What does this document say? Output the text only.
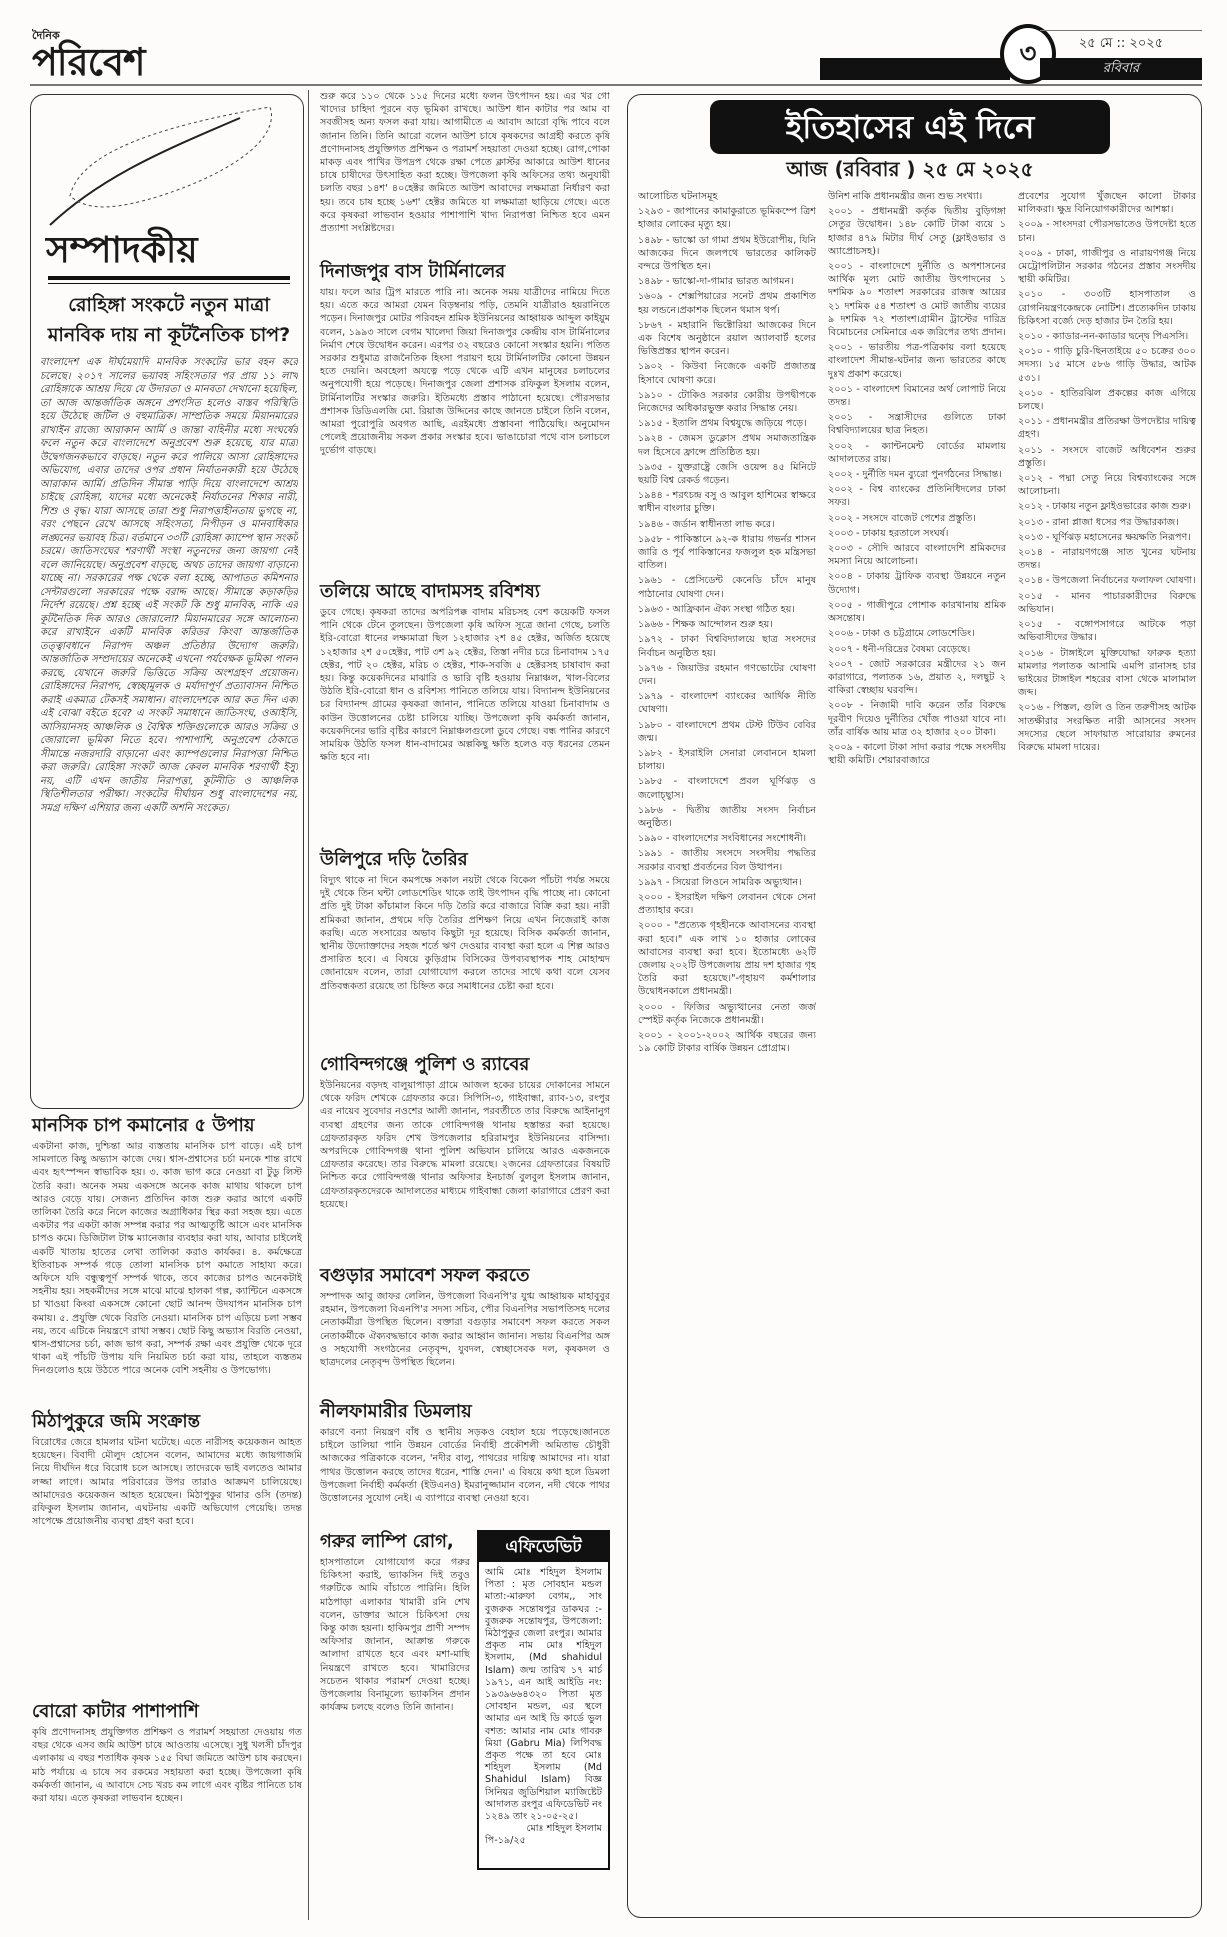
দৈনিক
পরিবেশ	৩	২৫ মে :: ২০২৫
রবিবার
সম্পাদকীয়
রোহিঙ্গা সংকটে নতুন মাত্রা
মানবিক দায় না কূটনৈতিক চাপ?
বাংলাদেশ এক দীর্ঘমেয়াদি মানবিক সংকটের ভার বহন করে চলেছে। ২০১৭ সালের ভয়াবহ সহিংসতার পর প্রায় ১১ লাখ রোহিঙ্গাকে আশ্রয় দিয়ে যে উদারতা ও মানবতা দেখানো হয়েছিল, তা আজ আন্তর্জাতিক অঙ্গনে প্রশংসিত হলেও বাস্তব পরিস্থিতি হয়ে উঠেছে জটিল ও বহুমাত্রিক। সাম্প্রতিক সময়ে মিয়ানমারের রাখাইন রাজ্যে আরাকান আর্মি ও জান্তা বাহিনীর মধ্যে সংঘর্ষের ফলে নতুন করে বাংলাদেশে অনুপ্রবেশ শুরু হয়েছে, যার মাত্রা উদ্বেগজনকভাবে বাড়ছে। নতুন করে পালিয়ে আসা রোহিঙ্গাদের অভিযোগ, এবার তাদের ওপর প্রধান নির্যাতনকারী হয়ে উঠেছে আরাকান আর্মি। প্রতিদিন সীমান্ত পাড়ি দিয়ে বাংলাদেশে আশ্রয় চাইছে রোহিঙ্গা, যাদের মধ্যে অনেকেই নির্যাতনের শিকার নারী, শিশু ও বৃদ্ধ। যারা আসছে তারা শুধু নিরাপত্তাহীনতায় ভুগছে না, বরং পেছনে রেখে আসছে সহিংসতা, নিপীড়ন ও মানবাধিকার লঙ্ঘনের ভয়াবহ চিত্র। বর্তমানে ৩৩টি রোহিঙ্গা ক্যাম্পে স্থান সংকট চরমে। জাতিসংঘের শরণার্থী সংস্থা নতুনদের জন্য জায়গা নেই বলে জানিয়েছে। অনুপ্রবেশ বাড়ছে, অথচ তাদের জায়গা বাড়ানো যাচ্ছে না। সরকারের পক্ষ থেকে বলা হচ্ছে, আপাতত কমিশনার সেন্টারগুলো সরকারের পক্ষে বরাদ্দ আছে। সীমান্তে কড়াকড়ির নির্দেশ রয়েছে। প্রশ্ন হচ্ছে এই সংকট কি শুধু মানবিক, নাকি এর কূটনৈতিক দিক আরও জোরালো? মিয়ানমারের সঙ্গে আলোচনা করে রাখাইনে একটি মানবিক করিডর কিংবা আন্তর্জাতিক তত্ত্বাবধানে নিরাপদ অঞ্চল প্রতিষ্ঠার উদ্যোগ জরুরি। আন্তর্জাতিক সম্প্রদায়ের অনেকেই এখনো পর্যবেক্ষক ভূমিকা পালন করছে, যেখানে জরুরি ভিত্তিতে সক্রিয় অংশগ্রহণ প্রয়োজন। রোহিঙ্গাদের নিরাপদ, স্বেচ্ছামূলক ও মর্যাদাপূর্ণ প্রত্যাবাসন নিশ্চিত করাই একমাত্র টেকসই সমাধান। বাংলাদেশকে আর কত দিন একা এই বোঝা বইতে হবে? এ সংকট সমাধানে জাতিসংঘ, ওআইসি, আসিয়ানসহ আঞ্চলিক ও বৈশ্বিক শক্তিগুলোকে আরও সক্রিয় ও জোরালো ভূমিকা নিতে হবে। পাশাপাশি, অনুপ্রবেশ ঠেকাতে সীমান্তে নজরদারি বাড়ানো এবং ক্যাম্পগুলোর নিরাপত্তা নিশ্চিত করা জরুরি। রোহিঙ্গা সংকট আজ কেবল মানবিক শরণার্থী ইস্যু নয়, এটি এখন জাতীয় নিরাপত্তা, কূটনীতি ও আঞ্চলিক স্থিতিশীলতার পরীক্ষা। সংকটের দীর্ঘায়ন শুধু বাংলাদেশের নয়, সমগ্র দক্ষিণ এশিয়ার জন্য একটি অশনি সংকেত।
মানসিক চাপ কমানোর ৫ উপায়
একটানা কাজ, দুশ্চিন্তা আর ব্যস্ততায় মানসিক চাপ বাড়ে। এই চাপ সামলাতে কিছু অভ্যাস কাজে দেয়। শ্বাস-প্রশ্বাসের চর্চা মনকে শান্ত রাখে এবং হৃৎস্পন্দন স্বাভাবিক হয়। ৩. কাজ ভাগ করে নেওয়া বা টুডু লিস্ট তৈরি করা। অনেক সময় একসঙ্গে অনেক কাজ মাথায় থাকলে চাপ আরও বেড়ে যায়। সেজন্য প্রতিদিন কাজ শুরু করার আগে একটি তালিকা তৈরি করে নিলে কাজের অগ্রাধিকার স্থির করা সহজ হয়। এতে একটার পর একটা কাজ সম্পন্ন করার পর আত্মতুষ্টি আসে এবং মানসিক চাপও কমে। ডিজিটাল টাস্ক ম্যানেজার ব্যবহার করা যায়, আবার চাইলেই একটি খাতায় হাতের লেখা তালিকা করাও কার্যকর। ৪. কর্মক্ষেত্রে ইতিবাচক সম্পর্ক গড়ে তোলা মানসিক চাপ কমাতে সাহায্য করে। অফিসে যদি বন্ধুত্বপূর্ণ সম্পর্ক থাকে, তবে কাজের চাপও অনেকটাই সহনীয় হয়। সহকর্মীদের সঙ্গে মাঝে মাঝে হালকা গল্প, ক্যান্টিনে একসঙ্গে চা খাওয়া কিংবা একসঙ্গে কোনো ছোট আনন্দ উদযাপন মানসিক চাপ কমায়। ৫. প্রযুক্তি থেকে বিরতি নেওয়া। মানসিক চাপ এড়িয়ে চলা সম্ভব নয়, তবে এটিকে নিয়ন্ত্রণে রাখা সম্ভব। ছোট কিছু অভ্যাস বিরতি নেওয়া, শ্বাস-প্রশ্বাসের চর্চা, কাজ ভাগ করা, সম্পর্ক রক্ষা এবং প্রযুক্তি থেকে দূরে থাকা এই পাঁচটি উপায় যদি নিয়মিত চর্চা করা যায়, তাহলে ব্যস্ততম দিনগুলোও হয়ে উঠতে পারে অনেক বেশি সহনীয় ও উপভোগ্য।
মিঠাপুকুরে জমি সংক্রান্ত
বিরোধের জেরে হামলার ঘটনা ঘটেছে। এতে নারীসহ কয়েকজন আহত হয়েছেন। বিবাদী মৌলুদ হোসেন বলেন, আমাদের মধ্যে জায়গাজমি নিয়ে দীর্ঘদিন ধরে বিরোধ চলে আসছে। তাদেরকে ভাই বলতেও আমার লজ্জা লাগে। আমার পরিবারের উপর তারাও আক্রমণ চালিয়েছে। আমাদেরও কয়েকজন আহত হয়েছেন। মিঠাপুকুর থানার ওসি (তদন্ত) রফিকুল ইসলাম জানান, এঘটনায় একটি অভিযোগ পেয়েছি। তদন্ত সাপেক্ষে প্রয়োজনীয় ব্যবস্থা গ্রহণ করা হবে।
বোরো কাটার পাশাপাশি
কৃষি প্রণোদনাসহ প্রযুক্তিগত প্রশিক্ষণ ও পরামর্শ সহয়াতা দেওয়ায় গত বছর থেকে এসব জমি আউশ চাষে আওতায় এসেছে। সুধু খলসী চাঁদপুর এলাকায় এ বছর শতাধিক কৃষক ১৫৫ বিঘা জমিতে আউশ চাষ করছেন। মাঠ পর্যায়ে এ চাষে সব রকমের সহায়তা করা হচ্ছে। উপজেলা কৃষি কর্মকর্তা জানান, এ আবাদে সেচ খরচ কম লাগে এবং বৃষ্টির পানিতে চাষ করা যায়। এতে কৃষকরা লাভবান হচ্ছেন।
শুরু করে ১১০ থেকে ১১৫ দিনের মধ্যে ফলন উৎপাদন হয়। এর খর গো খাদ্যের চাহিদা পূরনে বড় ভূমিকা রাখছে। আউশ ধান কাটার পর আম বা সবজীসহ অন্য ফসল করা যায়। আগামীতে এ আবাদ আরো বৃদ্ধি পাবে বলে জানান তিনি। তিনি আরো বলেন আউশ চাষে কৃষকদের আগ্রহী করতে কৃষি প্রণোদনাসহ প্রযুক্তিগত প্রশিক্ষন ও পরামর্শ সহয়াতা দেওয়া হচ্ছে। রোগ,পোকা মাকড় এবং পাখির উপদ্রপ থেকে রক্ষা পেতে ক্লাস্টর আকারে আউশ ধানের চাষে চাষীদের উৎসাহিত করা হচ্ছে। উপজেলা কৃষি অফিসের তথ্য অনুযায়ী চলতি বছর ১৪শ' ৪০হেক্টর জমিতে আউশ আবাদের লক্ষমাত্রা নির্ধারণ করা হয়। তবে চাষ হচ্ছে ১৬শ' হেক্টর জমিতে যা লক্ষমাত্রা ছাড়িয়ে গেছে। এতে করে কৃষকরা লাভবান হওয়ার পাশাপাশি খাদ্য নিরাপত্তা নিশ্চিত হবে এমন প্রত্যাশা সংশ্লিষ্টদের।
দিনাজপুর বাস টার্মিনালের
যায়। ফলে আর ট্রিপ মারতে পারি না। অনেক সময় যাত্রীদের নামিয়ে দিতে হয়। এতে করে আমরা যেমন বিড়ম্বনায় পড়ি, তেমনি যাত্রীরাও হয়রানিতে পড়েন। দিনাজপুর মোটর পরিবহন শ্রমিক ইউনিয়নের আহ্বায়ক আব্দুল কাইয়ুম বলেন, ১৯৯৩ সালে বেগম খালেদা জিয়া দিনাজপুর কেন্দ্রীয় বাস টার্মিনালের নির্মাণ শেষে উদ্বোধন করেন। এরপর ৩২ বছরেও কোনো সংস্কার হয়নি। পতিত সরকার শুধুমাত্র রাজনৈতিক হিংসা পরায়ণ হয়ে টার্মিনালটির কোনো উন্নয়ন হতে দেয়নি। অবহেলা অযত্নে পড়ে থেকে এটি এখন মানুষের চলাচলের অনুপযোগী হয়ে পড়েছে। দিনাজপুর জেলা প্রশাসক রফিকুল ইসলাম বলেন, টার্মিনালটির সংস্কার জরুরি। ইতিমধ্যে প্রস্তাব পাঠানো হয়েছে। পৌরসভার প্রশাসক ডিডিএলজি মো. রিয়াজ উদ্দিনের কাছে জানতে চাইলে তিনি বলেন, আমরা পুরোপুরি অবগত আছি, এরইমধ্যে প্রস্তাবনা পাঠিয়েছি। অনুমোদন পেলেই প্রয়োজনীয় সকল প্রকার সংস্কার হবে। ভাঙাচোরা পথে বাস চলাচলে দুর্ভোগ বাড়ছে।
তলিয়ে আছে বাদামসহ রবিশষ্য
ডুবে গেছে। কৃষকরা তাদের অপরিপক্ক বাদাম মরিচসহ বেশ কয়েকটি ফসল পানি থেকে টেনে তুলছেন। উপজেলা কৃষি অফিস সূত্রে জানা গেছে, চলতি ইরি-বোরো ধানের লক্ষ্যমাত্রা ছিল ১২হাজার ২শ ৪৫ হেক্টর, অর্জিত হয়েছে ১২হাজার ২শ ৫০হেক্টর, পাট ৩শ ৯২ হেক্টর, তিস্তা নদীর চরে চিনাবাদম ১৭৫ হেক্টর, পাট ২০ হেক্টর, মরিচ ৩ হেক্টর, শাক-সবজি ৫ হেক্টরসহ চাষাবাদ করা হয়। কিন্তু কয়েকদিনের মাঝারি ও ভারি বৃষ্টি হওয়ায় নিম্নাঞ্চল, খাল-বিলের উঠতি ইরি-বোরো ধান ও রবিশস্য পানিতে তলিয়ে যায়। বিদ্যানন্দ ইউনিয়নের চর বিদ্যানন্দ গ্রামের কৃষকরা জানান, পানিতে তলিয়ে যাওয়া চিনাবাদাম ও কাউন উত্তোলনের চেষ্টা চালিয়ে যাচ্ছি। উপজেলা কৃষি কর্মকর্তা জানান, কয়েকদিনের ভারি বৃষ্টির কারণে নিম্নাঞ্চলগুলো ডুবে গেছে। বন্ধ পানির কারণে সাময়িক উঠতি ফসল ধান-বাদামের অল্পকিছু ক্ষতি হলেও বড় ধরনের তেমন ক্ষতি হবে না।
উলিপুরে দড়ি তৈরির
বিদ্যুৎ থাকে না দিনে কমপক্ষে সকাল নয়টা থেকে বিকেল পাঁচটা পর্যন্ত সময়ে দুই থেকে তিন ঘন্টা লোডশেডিং থাকে তাই উৎপাদন বৃদ্ধি পাচ্ছে না। কোনো প্রতি দুই টাকা কাঁচামাল কিনে দড়ি তৈরি করে বাজারে বিক্রি করা হয়। নারী শ্রমিকরা জানান, প্রথমে দড়ি তৈরির প্রশিক্ষণ নিয়ে এখন নিজেরাই কাজ করছি। এতে সংসারের অভাব কিছুটা দূর হয়েছে। বিসিক কর্মকর্তা জানান, স্থানীয় উদ্যোক্তাদের সহজ শর্তে ঋণ দেওয়ার ব্যবস্থা করা হলে এ শিল্প আরও প্রসারিত হবে। এ বিষয়ে কুড়িগ্রাম বিসিকের উপব্যবস্থাপক শাহ মোহাম্মদ জোনায়েদ বলেন, তারা যোগাযোগ করলে তাদের সাথে কথা বলে যেসব প্রতিবন্ধকতা রয়েছে তা চিহ্নিত করে সমাধানের চেষ্টা করা হবে।
গোবিন্দগঞ্জে পুলিশ ও র‍্যাবের
ইউনিয়নের বড়দহ বালুয়াপাড়া গ্রামে আজল হকের চায়ের দোকানের সামনে থেকে ফরিদ শেখকে গ্রেফতার করে। সিপিসি-৩, গাইবান্ধা, র‍্যাব-১৩, রংপুর এর নায়েব সুবেদার নওশের আলী জানান, পরবর্তীতে তার বিরুদ্ধে আইনানুগ ব্যবস্থা গ্রহণের জন্য তাকে গোবিন্দগঞ্জ থানায় হস্তান্তর করা হয়েছে। গ্রেফতারকৃত ফরিদ শেখ উপজেলার হরিরামপুর ইউনিয়নের বাসিন্দা। অপরদিকে গোবিন্দগঞ্জ থানা পুলিশ অভিযান চালিয়ে আরও একজনকে গ্রেফতার করেছে। তার বিরুদ্ধে মামলা রয়েছে। ২জনের গ্রেফতারের বিষয়টি নিশ্চিত করে গোবিন্দগঞ্জ থানার অফিসার ইনচার্জ বুলবুল ইসলাম জানান, গ্রেফতারকৃতদেরকে আদালতের মাধ্যমে গাইবান্ধা জেলা কারাগারে প্রেরণ করা হয়েছে।
বগুড়ার সমাবেশ সফল করতে
সম্পাদক আবু জাফর লেলিন, উপজেলা বিএনপি'র যুগ্ম আহ্বায়ক মাহাবুবুর রহমান, উপজেলা বিএনপি'র সদস্য সচিব, পৌর বিএনপির সভাপতিসহ দলের নেতাকর্মীরা উপস্থিত ছিলেন। বক্তারা বগুড়ার সমাবেশ সফল করতে সকল নেতাকর্মীকে ঐক্যবদ্ধভাবে কাজ করার আহ্বান জানান। সভায় বিএনপির অঙ্গ ও সহযোগী সংগঠনের নেতৃবৃন্দ, যুবদল, স্বেচ্ছাসেবক দল, কৃষকদল ও ছাত্রদলের নেতৃবৃন্দ উপস্থিত ছিলেন।
নীলফামারীর ডিমলায়
কারণে বন্যা নিয়ন্ত্রণ বাঁধ ও স্থানীয় সড়কও বেহাল হয়ে পড়েছে।জানতে চাইলে ডালিয়া পানি উন্নয়ন বোর্ডের নির্বাহী প্রকৌশলী অমিতাভ চৌধুরী আজকের পত্রিকাকে বলেন, 'নদীর বালু, পাথরের দায়িত্ব আমাদের না। যারা পাথর উত্তোলন করছে তাদের ধরেন, শাস্তি দেন।' এ বিষয়ে কথা হলে ডিমলা উপজেলা নির্বাহী কর্মকর্তা (ইউএনও) ইমরানুজ্জামান বলেন, নদী থেকে পাথর উত্তোলনের সুযোগ নেই। এ ব্যাপারে ব্যবস্থা নেওয়া হবে।
গরুর লাম্পি রোগ,
হাসপাতালে যোগাযোগ করে গরুর চিকিৎসা করাই, ভ্যাকসিন দিই তবুও গরুটিকে আমি বাঁচাতে পারিনি। হিলি মাঠপাড়া এলাকার খামারী রনি শেখ বলেন, ডাক্তার আসে চিকিৎসা দেয় কিন্তু কাজ হয়না। হাকিমপুর প্রাণী সম্পদ অফিসার জানান, আক্রান্ত গরুকে আলাদা রাখতে হবে এবং মশা-মাছি নিয়ন্ত্রণে রাখতে হবে। খামারিদের সচেতন থাকার পরামর্শ দেওয়া হচ্ছে। উপজেলায় বিনামূল্যে ভ্যাকসিন প্রদান কার্যক্রম চলছে বলেও তিনি জানান।
এফিডেভিট
আমি মোঃ শহিদুল ইসলাম পিতা : মৃত সোবহান মন্ডল মাতা:-মারুফা বেগম,, সাং বুজরুক সন্তোষপুর ডাকঘর :- বুজরুক সন্তোষপুর, উপজেলা: মিঠাপুকুর জেলা রংপুর। আমার প্রকৃত নাম মোঃ শহিদুল ইসলাম, (Md shahidul Islam) জন্ম তারিখ ১৭ মার্চ ১৯৭১, এন আই আইডি নং: ১৯৩৯৬৬৪৩২০ পিতা মৃত সোবহান মন্ডল, এর স্থলে আমার এন আই ডি কার্ডে ভুল বশত: আমার নাম মোঃ গাবরু মিয়া (Gabru Mia) লিপিবদ্ধ প্রকৃত পক্ষে তা হবে মোঃ শহিদুল ইসলাম (Md Shahidul Islam) বিজ্ঞ সিনিয়র জুডিশিয়াল ম্যাজিষ্টেট আদালত রংপুর এফিডেভিট নং ১২৪৯ তাং ২১-০৫-২৫।
মোঃ শহিদুল ইসলাম
পি-১৯/২৫
ইতিহাসের এই দিনে
আজ (রবিবার ) ২৫ মে ২০২৫
আলোচিত ঘটনাসমূহ
১২৯৩ - জাপানের কামাকুরাতে ভূমিকম্পে ত্রিশ হাজার লোকের মৃত্যু হয়।
১৪৯৮ - ভাস্কো ডা গামা প্রথম ইউরোপীয়, যিনি আজকের দিনে জলপথে ভারতের কালিকট বন্দরে উপস্থিত হন।
১৪৯৮ - ভাস্কো-দা-গামার ভারত আগমন।
১৬০৯ - শেক্সপিয়ারের সনেট প্রথম প্রকাশিত হয় লন্ডনে।প্রকাশক ছিলেন থমাস থর্প।
১৮৬৭ - মহারানি ভিক্টোরিয়া আজকের দিনে এক বিশেষ অনুষ্ঠানে রয়াল অ্যালবার্ট হলের ভিত্তিপ্রস্তর স্থাপন করেন।
১৯০২ - কিউবা নিজেকে একটি প্রজাতন্ত্র হিসাবে ঘোষণা করে।
১৯১০ - টোকিও সরকার কোরীয় উপদ্বীপকে নিজেদের অধিকারভুক্ত করার সিদ্ধান্ত নেয়।
১৯১৫ - ইতালি প্রথম বিশ্বযুদ্ধে জড়িয়ে পড়ে।
১৯২৪ - জেমস ডুক্লোস প্রথম সমাজতান্ত্রিক দল হিসেবে ফ্রান্সে প্রতিষ্ঠিত হয়।
১৯৩৫ - যুক্তরাষ্ট্রে জেসি ওয়েন্স ৪৫ মিনিটে ছয়টি বিশ্ব রেকর্ড গড়েন।
১৯৪৪ - শরৎচন্দ্র বসু ও আবুল হাশিমের স্বাক্ষরে স্বাধীন বাংলার চুক্তি।
১৯৪৬ - জর্ডান স্বাধীনতা লাভ করে।
১৯৫৮ - পাকিস্তানে ৯২-ক ধারায় গভর্নর শাসন জারি ও পূর্ব পাকিস্তানের ফজলুল হক মন্ত্রিসভা বাতিল।
১৯৬১ - প্রেসিডেন্ট কেনেডি চাঁদে মানুষ পাঠানোর ঘোষণা দেন।
১৯৬৩ - আফ্রিকান ঐক্য সংস্থা গঠিত হয়।
১৯৬৬ - শিক্ষক আন্দোলন শুরু হয়।
১৯৭২ - ঢাকা বিশ্ববিদ্যালয়ে ছাত্র সংসদের নির্বাচন অনুষ্ঠিত হয়।
১৯৭৬ - জিয়াউর রহমান গণভোটের ঘোষণা দেন।
১৯৭৯ - বাংলাদেশ ব্যাংকের আর্থিক নীতি ঘোষণা।
১৯৮০ - বাংলাদেশে প্রথম টেস্ট টিউব বেবির জন্ম।
১৯৮২ - ইসরাইলি সেনারা লেবাননে হামলা চালায়।
১৯৮৫ - বাংলাদেশে প্রবল ঘূর্ণিঝড় ও জলোচ্ছ্বাস।
১৯৮৬ - দ্বিতীয় জাতীয় সংসদ নির্বাচন অনুষ্ঠিত।
১৯৯০ - বাংলাদেশের সংবিধানের সংশোধনী।
১৯৯১ - জাতীয় সংসদে সংসদীয় পদ্ধতির সরকার ব্যবস্থা প্রবর্তনের বিল উত্থাপন।
১৯৯৭ - সিয়েরা লিওনে সামরিক অভ্যুত্থান।
২০০০ - ইসরাইল দক্ষিণ লেবানন থেকে সেনা প্রত্যাহার করে।
২০০০ - "প্রত্যেক গৃহহীনকে আবাসনের ব্যবস্থা করা হবে।" এক লাখ ১০ হাজার লোকের আবাসের ব্যবস্থা করা হবে। ইতোমধ্যে ৬২টি জেলায় ২০২টি উপজেলায় প্রায় দশ হাজার গৃহ তৈরি করা হয়েছে।"-গৃহায়ণ কর্মশালার উদ্বোধনকালে প্রধানমন্ত্রী।
২০০০ - ফিজির অভ্যুত্থানের নেতা জর্জ স্পেইট কর্তৃক নিজেকে প্রধানমন্ত্রী।
২০০১ - ২০০১-২০০২ আর্থিক বছরের জন্য ১৯ কোটি টাকার বার্ষিক উন্নয়ন প্রোগ্রাম।
উনিশ নাকি প্রধানমন্ত্রীর জন্য শুভ সংখ্যা।
২০০১ - প্রধানমন্ত্রী কর্তৃক দ্বিতীয় বুড়িগঙ্গা সেতুর উদ্বোধন। ১৪৮ কোটি টাকা ব্যয়ে ১ হাজার ৪৭৯ মিটার দীর্ঘ সেতু (ফ্লাইওভার ও অ্যাপ্রোচসহ)।
২০০১ - বাংলাদেশে দুর্নীতি ও অপশাসনের আর্থিক মূল্য মোট জাতীয় উৎপাদনের ১ দশমিক ৯০ শতাংশ সরকারের রাজস্ব আয়ের ২১ দশমিক ৫৪ শতাংশ ও মোট জাতীয় ব্যয়ের ৯ দশমিক ৭২ শতাংশ।গ্রামীন ট্রাস্টের দারিদ্র বিমোচনের সেমিনারে এক জরিপের তথ্য প্রদান।
২০০১ - ভারতীয় পত্র-পত্রিকায় বলা হয়েছে বাংলাদেশ সীমান্ত-ঘটনার জন্য ভারতের কাছে দুঃখ প্রকাশ করেছে।
২০০১ - বাংলাদেশ বিমানের অর্থ লোপাট নিয়ে তদন্ত।
২০০১ - সন্ত্রাসীদের গুলিতে ঢাকা বিশ্ববিদ্যালয়ের ছাত্র নিহত।
২০০২ - ক্যান্টনমেন্ট বোর্ডের মামলায় আদালতের রায়।
২০০২ - দুর্নীতি দমন ব্যুরো পুনর্গঠনের সিদ্ধান্ত।
২০০২ - বিশ্ব ব্যাংকের প্রতিনিধিদলের ঢাকা সফর।
২০০২ - সংসদে বাজেট পেশের প্রস্তুতি।
২০০৩ - ঢাকায় হরতালে সংঘর্ষ।
২০০৩ - সৌদি আরবে বাংলাদেশি শ্রমিকদের সমস্যা নিয়ে আলোচনা।
২০০৪ - ঢাকায় ট্রাফিক ব্যবস্থা উন্নয়নে নতুন উদ্যোগ।
২০০৫ - গাজীপুরে পোশাক কারখানায় শ্রমিক অসন্তোষ।
২০০৬ - ঢাকা ও চট্টগ্রামে লোডশেডিং।
২০০৭ - ধনী-দরিদ্রের বৈষম্য বেড়েছে।
২০০৭ - জোট সরকারের মন্ত্রীদের ২১ জন কারাগারে, পলাতক ১৬, প্রয়াত ২, দলছুট ২ বাকিরা স্বেচ্ছায় ঘরবন্দি।
২০০৮ - নিজামী দাবি করেন তাঁর বিরুদ্ধে দূরবীণ দিয়েও দুর্নীতির খোঁজ পাওয়া যাবে না। তাঁর বার্ষিক আয় মাত্র ৩২ হাজার ২০০ টাকা।
২০০৯ - কালো টাকা সাদা করার পক্ষে সংসদীয় স্থায়ী কমিটি। শেয়ারবাজারে
প্রবেশের সুযোগ খুঁজছেন কালো টাকার মালিকরা। ক্ষুদ্র বিনিয়োগকারীদের আশঙ্কা।
২০০৯ - সাংসদরা পৌরসভাতেও উপদেষ্টা হতে চান।
২০০৯ - ঢাকা, গাজীপুর ও নারায়ণগঞ্জ নিয়ে মেট্রোপলিটান সরকার গঠনের প্রস্তাব সংসদীয় স্থায়ী কমিটির।
২০১০ - ৩০৩টি হাসপাতাল ও রোগনিয়ন্ত্রণকেন্দ্রকে নোটিশ। প্রত্যেকদিন ঢাকায় চিকিৎসা বর্জ্যে দেড় হাজার টন তৈরি হয়।
২০১০ - ক্যাডার-নন-ক্যাডার দ্বন্দ্বে পিএসসি।
২০১০ - গাড়ি চুরি-ছিনতাইয়ে ৫০ চক্রের ৩০০ সদস্য। ১৫ মাসে ৫৮৬ গাড়ি উদ্ধার, আটক ৫৩১।
২০১০ - হাতিরঝিল প্রকল্পের কাজ এগিয়ে চলছে।
২০১১ - প্রধানমন্ত্রীর প্রতিরক্ষা উপদেষ্টার দায়িত্ব গ্রহণ।
২০১১ - সংসদে বাজেট অধিবেশন শুরুর প্রস্তুতি।
২০১২ - পদ্মা সেতু নিয়ে বিশ্বব্যাংকের সঙ্গে আলোচনা।
২০১২ - ঢাকায় নতুন ফ্লাইওভারের কাজ শুরু।
২০১৩ - রানা প্লাজা ধসের পর উদ্ধারকাজ।
২০১৩ - ঘূর্ণিঝড় মহাসেনের ক্ষয়ক্ষতি নিরূপণ।
২০১৪ - নারায়ণগঞ্জে সাত খুনের ঘটনায় তদন্ত।
২০১৪ - উপজেলা নির্বাচনের ফলাফল ঘোষণা।
২০১৫ - মানব পাচারকারীদের বিরুদ্ধে অভিযান।
২০১৫ - বঙ্গোপসাগরে আটকে পড়া অভিবাসীদের উদ্ধার।
২০১৬ - টাঙ্গাইলে মুক্তিযোদ্ধা ফারুক হত্যা মামলার পলাতক আসামি এমপি রানাসহ চার ভাইয়ের টাঙ্গাইল শহরের বাসা থেকে মালামাল জব্দ।
২০১৬ - পিস্তল, গুলি ও তিন তরুণীসহ আটক সাতক্ষীরার সংরক্ষিত নারী আসনের সংসদ সদস্যের ছেলে সাফায়াত সারোয়ার রুমনের বিরুদ্ধে মামলা দায়ের।
